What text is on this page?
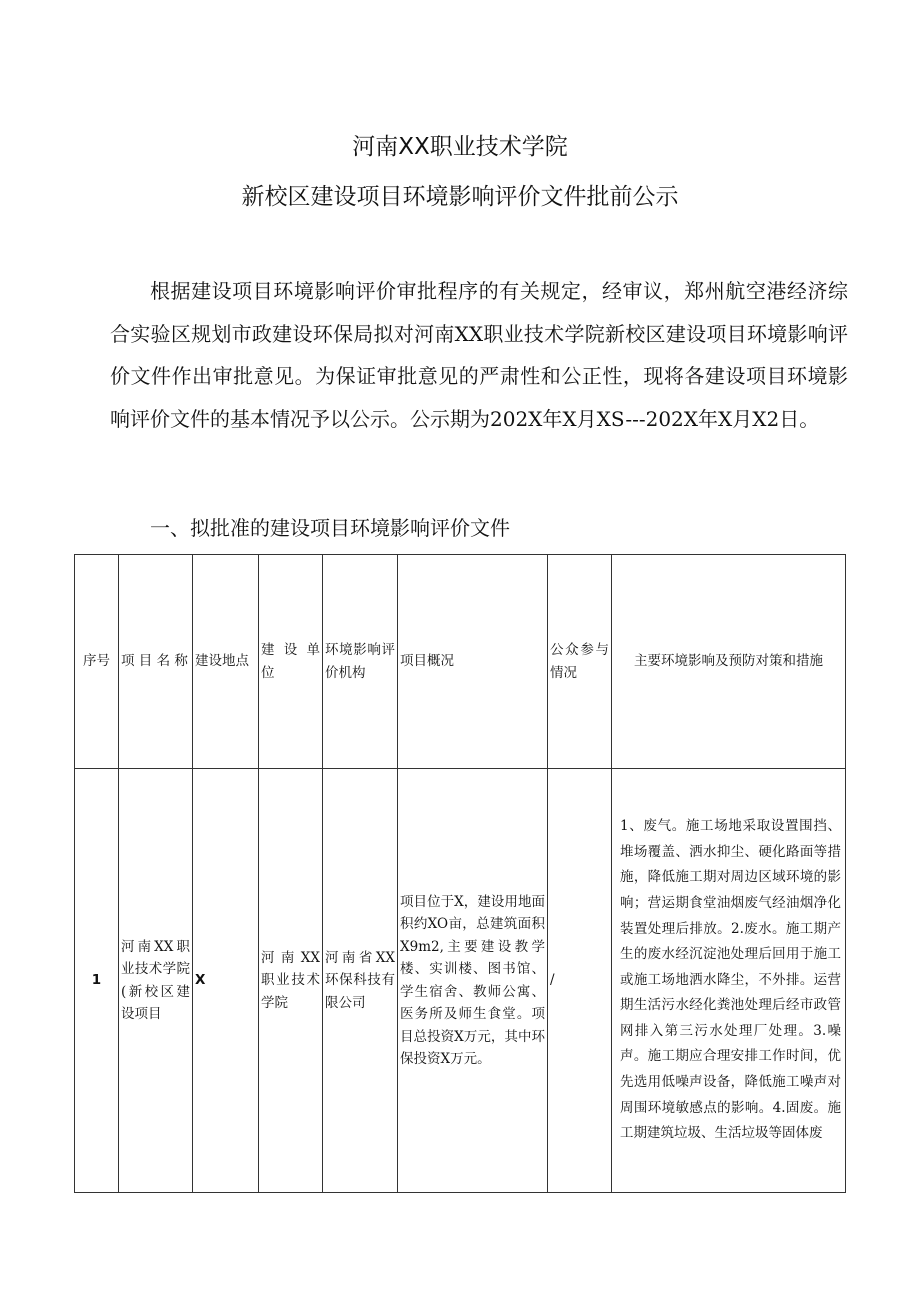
河南XX职业技术学院
新校区建设项目环境影响评价文件批前公示

根据建设项目环境影响评价审批程序的有关规定，经审议，郑州航空港经济综合实验区规划市政建设环保局拟对河南XX职业技术学院新校区建设项目环境影响评价文件作出审批意见。为保证审批意见的严肃性和公正性，现将各建设项目环境影响评价文件的基本情况予以公示。公示期为202X年X月XS---202X年X月X2日。

一、拟批准的建设项目环境影响评价文件
序号	项 目 名 称	建设地点	建 设 单 位	环境影响评价机构	项目概况	公众参与情况	主要环境影响及预防对策和措施
1	河南XX职业技术学院(新校区建设项目	X	河南XX职业技术学院	河南省XX环保科技有限公司	项目位于X，建设用地面积约XO亩，总建筑面积X9m2,主要建设教学楼、实训楼、图书馆、学生宿舍、教师公寓、医务所及师生食堂。项目总投资X万元，其中环保投资X万元。	/	1、废气。施工场地采取设置围挡、堆场覆盖、洒水抑尘、硬化路面等措施，降低施工期对周边区域环境的影响；营运期食堂油烟废气经油烟净化装置处理后排放。2.废水。施工期产生的废水经沉淀池处理后回用于施工或施工场地洒水降尘，不外排。运营期生活污水经化粪池处理后经市政管网排入第三污水处理厂处理。3.噪声。施工期应合理安排工作时间，优先选用低噪声设备，降低施工噪声对周围环境敏感点的影响。4.固废。施工期建筑垃圾、生活垃圾等固体废
